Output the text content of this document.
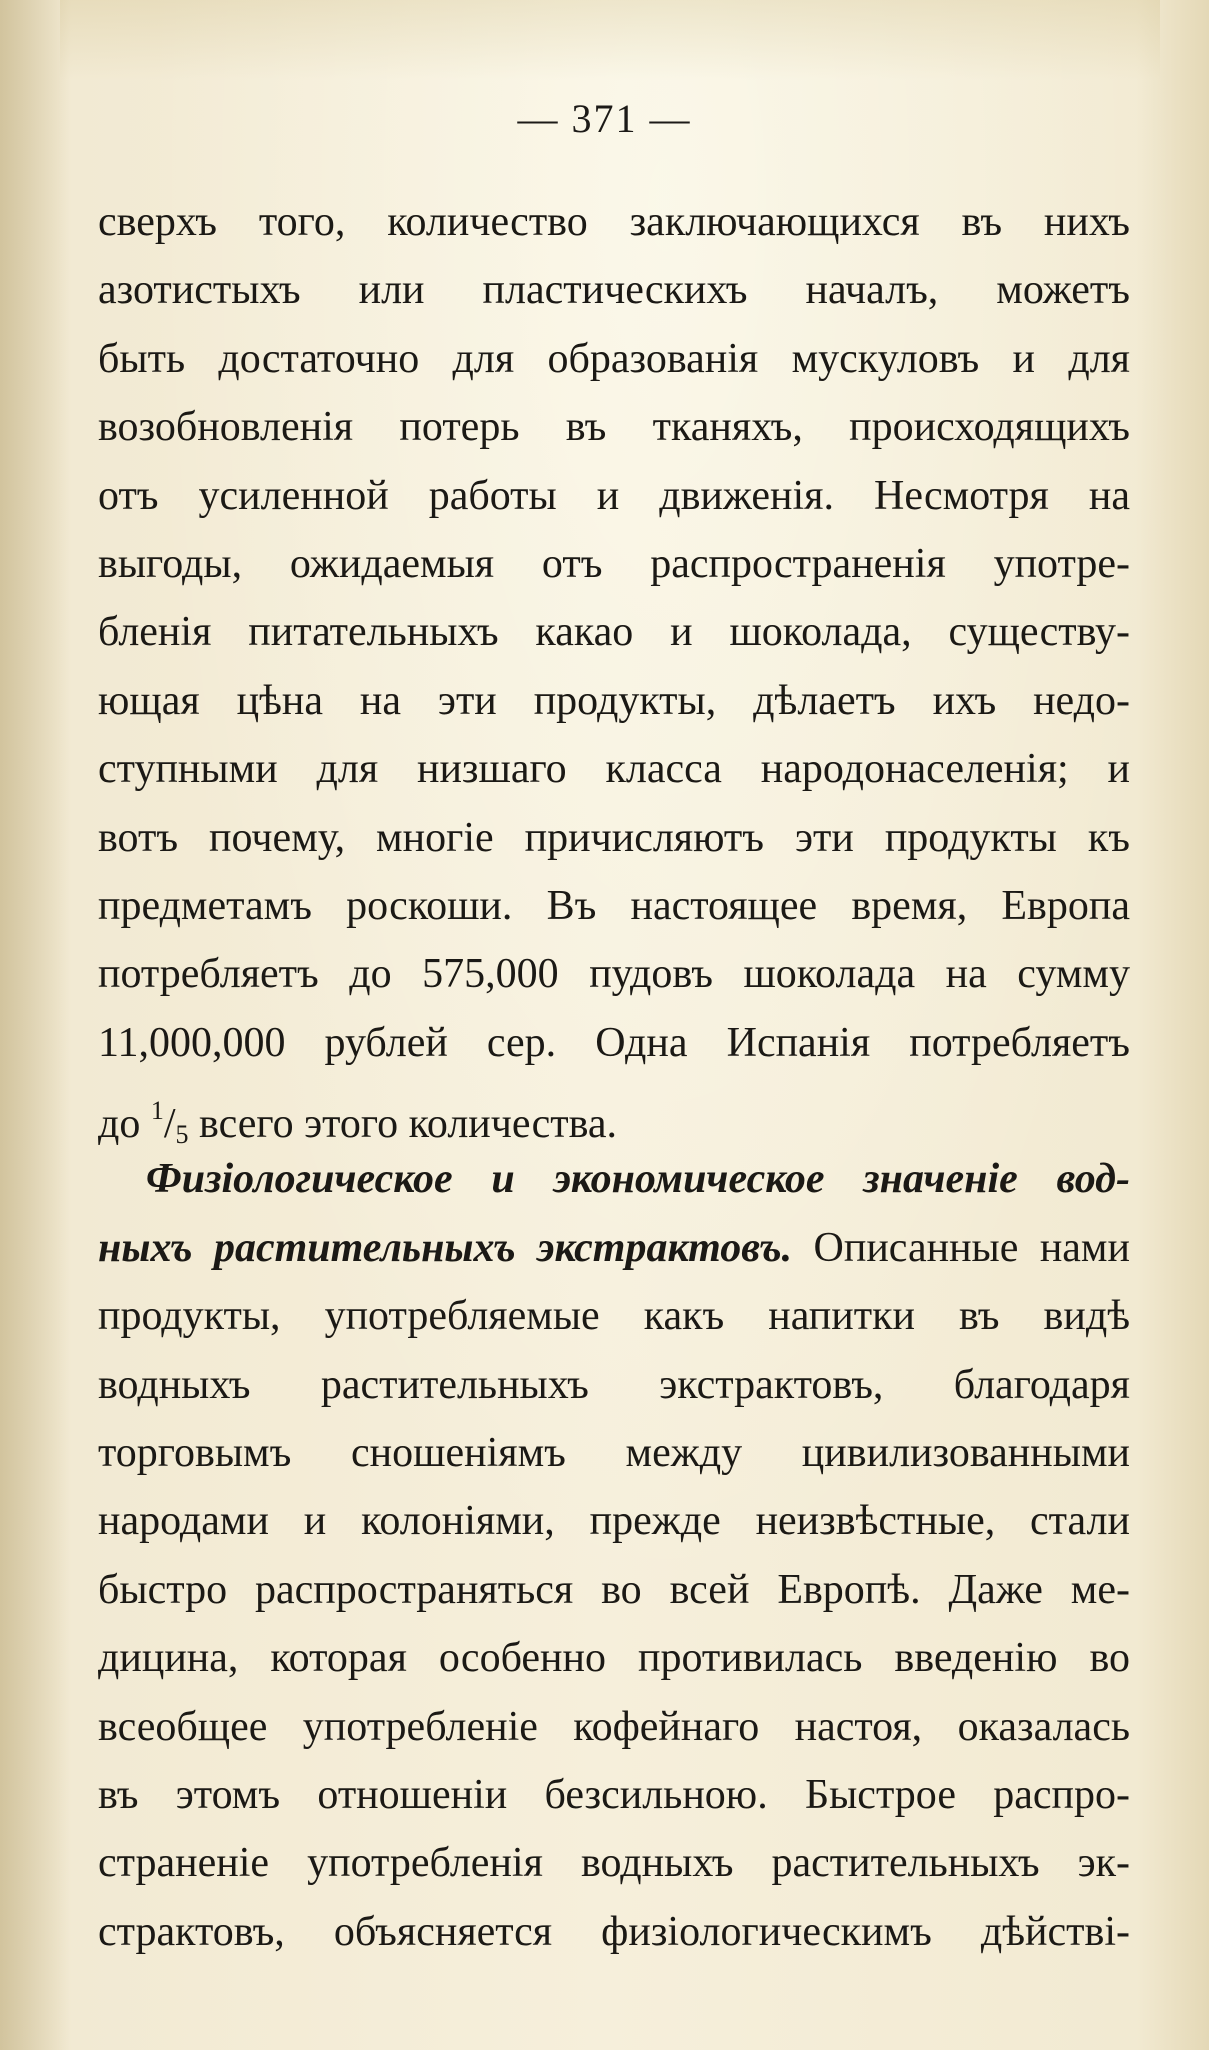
— 371 —
сверхъ того, количество заключающихся въ нихъ
азотистыхъ или пластическихъ началъ, можетъ
быть достаточно для образованія мускуловъ и для
возобновленія потерь въ тканяхъ, происходящихъ
отъ усиленной работы и движенія. Несмотря на
выгоды, ожидаемыя отъ распространенія употре-
бленія питательныхъ какао и шоколада, существу-
ющая цѣна на эти продукты, дѣлаетъ ихъ недо-
ступными для низшаго класса народонаселенія; и
вотъ почему, многіе причисляютъ эти продукты къ
предметамъ роскоши. Въ настоящее время, Европа
потребляетъ до 575,000 пудовъ шоколада на сумму
11,000,000 рублей сер. Одна Испанія потребляетъ
до $^1/_5$ всего этого количества.
Физіологическое и экономическое значеніе вод-
ныхъ растительныхъ экстрактовъ. Описанные нами
продукты, употребляемые какъ напитки въ видѣ
водныхъ растительныхъ экстрактовъ, благодаря
торговымъ сношеніямъ между цивилизованными
народами и колоніями, прежде неизвѣстные, стали
быстро распространяться во всей Европѣ. Даже ме-
дицина, которая особенно противилась введенію во
всеобщее употребленіе кофейнаго настоя, оказалась
въ этомъ отношеніи безсильною. Быстрое распро-
страненіе употребленія водныхъ растительныхъ эк-
страктовъ, объясняется физіологическимъ дѣйстві-
